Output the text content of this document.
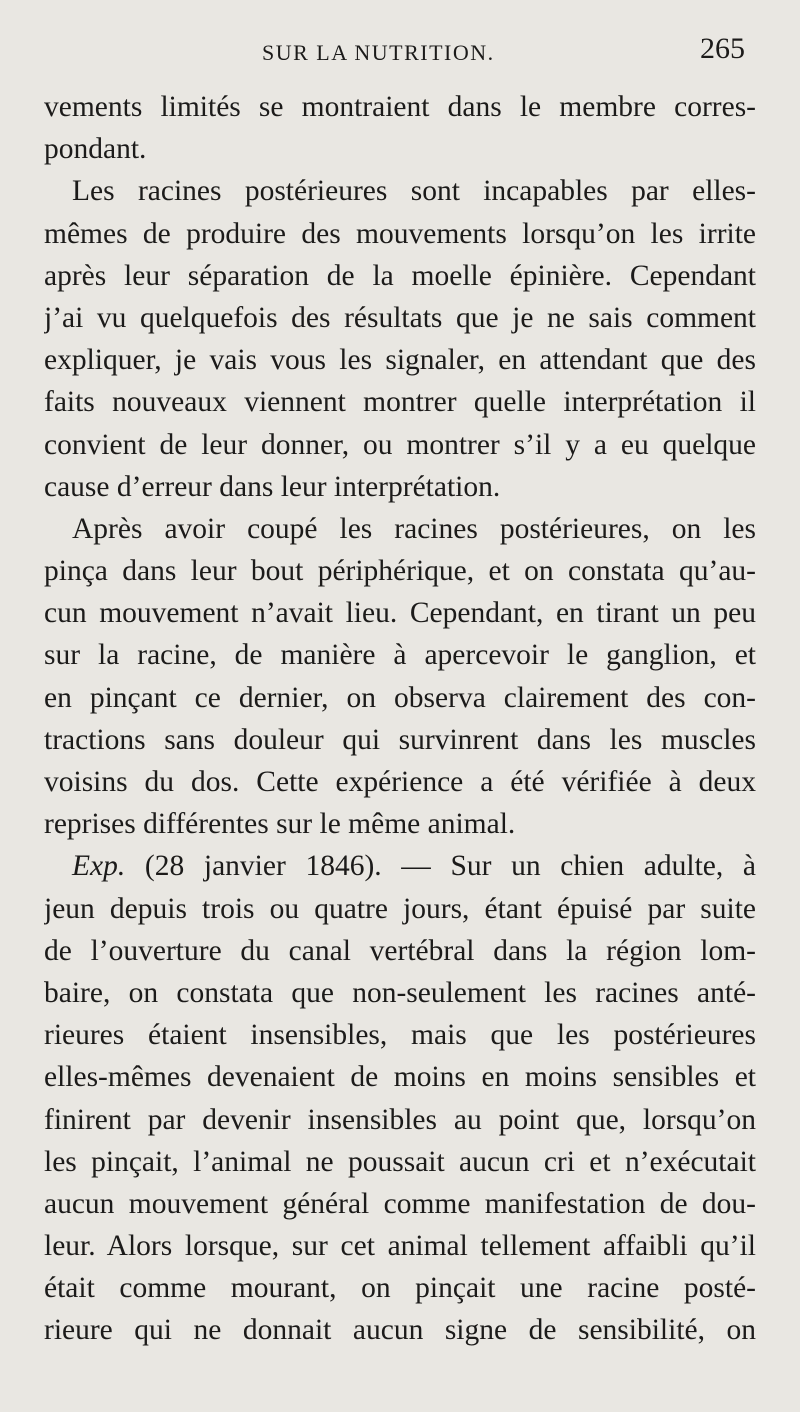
SUR LA NUTRITION.	265
vements limités se montraient dans le membre corres-
pondant.
Les racines postérieures sont incapables par elles-
mêmes de produire des mouvements lorsqu’on les irrite
après leur séparation de la moelle épinière. Cependant
j’ai vu quelquefois des résultats que je ne sais comment
expliquer, je vais vous les signaler, en attendant que des
faits nouveaux viennent montrer quelle interprétation il
convient de leur donner, ou montrer s’il y a eu quelque
cause d’erreur dans leur interprétation.
Après avoir coupé les racines postérieures, on les
pinça dans leur bout périphérique, et on constata qu’au-
cun mouvement n’avait lieu. Cependant, en tirant un peu
sur la racine, de manière à apercevoir le ganglion, et
en pinçant ce dernier, on observa clairement des con-
tractions sans douleur qui survinrent dans les muscles
voisins du dos. Cette expérience a été vérifiée à deux
reprises différentes sur le même animal.
Exp. (28 janvier 1846). — Sur un chien adulte, à
jeun depuis trois ou quatre jours, étant épuisé par suite
de l’ouverture du canal vertébral dans la région lom-
baire, on constata que non-seulement les racines anté-
rieures étaient insensibles, mais que les postérieures
elles-mêmes devenaient de moins en moins sensibles et
finirent par devenir insensibles au point que, lorsqu’on
les pinçait, l’animal ne poussait aucun cri et n’exécutait
aucun mouvement général comme manifestation de dou-
leur. Alors lorsque, sur cet animal tellement affaibli qu’il
était comme mourant, on pinçait une racine posté-
rieure qui ne donnait aucun signe de sensibilité, on
